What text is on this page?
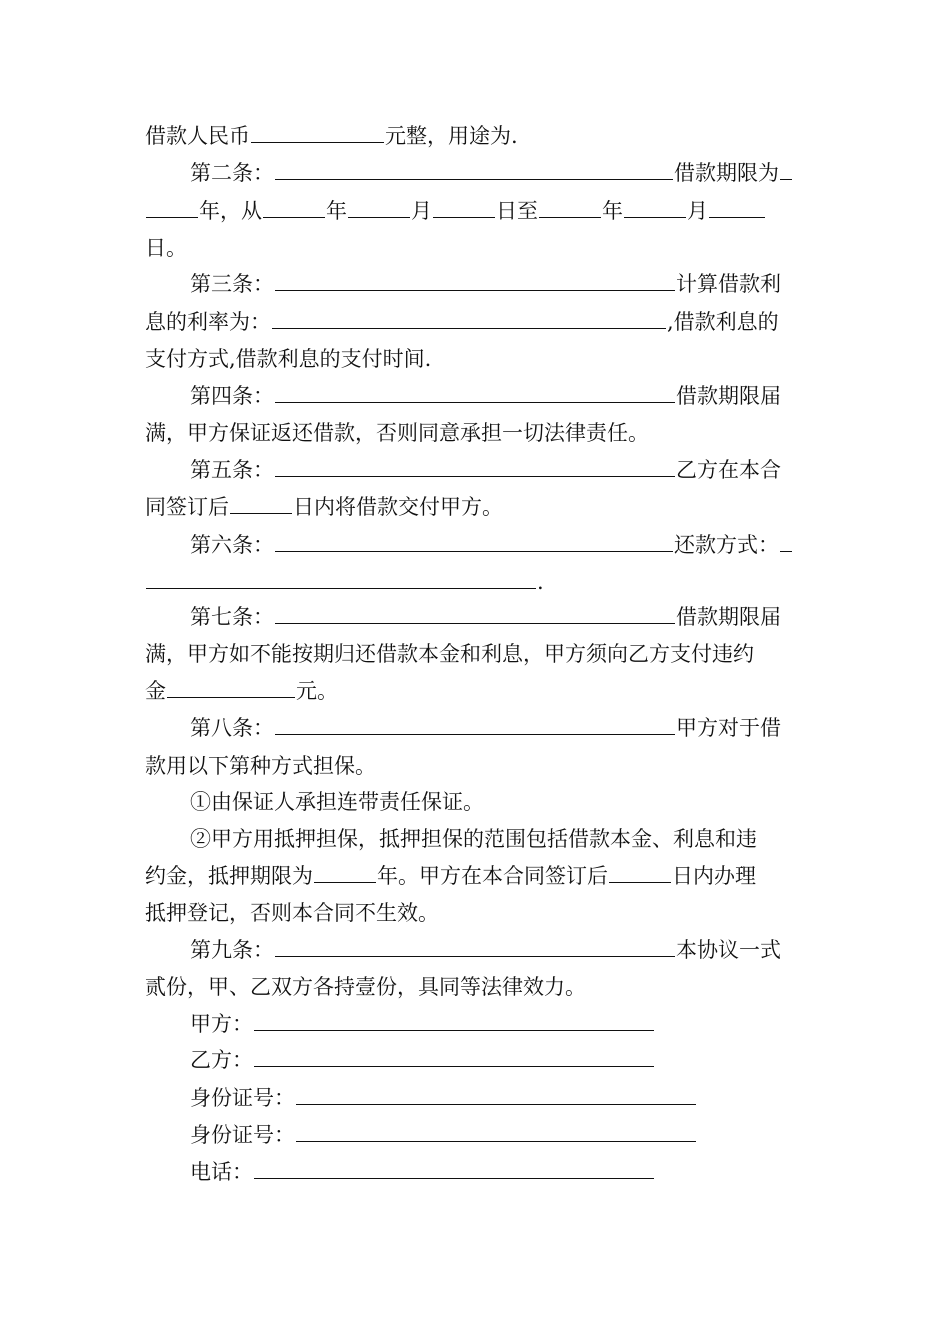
借款人民币	元整，用途为.
第二条：	借款期限为
年，从	年	月	日至	年	月
日。
第三条：	计算借款利
息的利率为：	,借款利息的
支付方式,借款利息的支付时间.
第四条：	借款期限届
满，甲方保证返还借款，否则同意承担一切法律责任。
第五条：	乙方在本合
同签订后	日内将借款交付甲方。
第六条：	还款方式：
.
第七条：	借款期限届
满，甲方如不能按期归还借款本金和利息，甲方须向乙方支付违约
金	元。
第八条：	甲方对于借
款用以下第种方式担保。
①由保证人承担连带责任保证。
②甲方用抵押担保，抵押担保的范围包括借款本金、利息和违
约金，抵押期限为	年。甲方在本合同签订后	日内办理
抵押登记，否则本合同不生效。
第九条：	本协议一式
贰份，甲、乙双方各持壹份，具同等法律效力。
甲方：
乙方：
身份证号：
身份证号：
电话：
